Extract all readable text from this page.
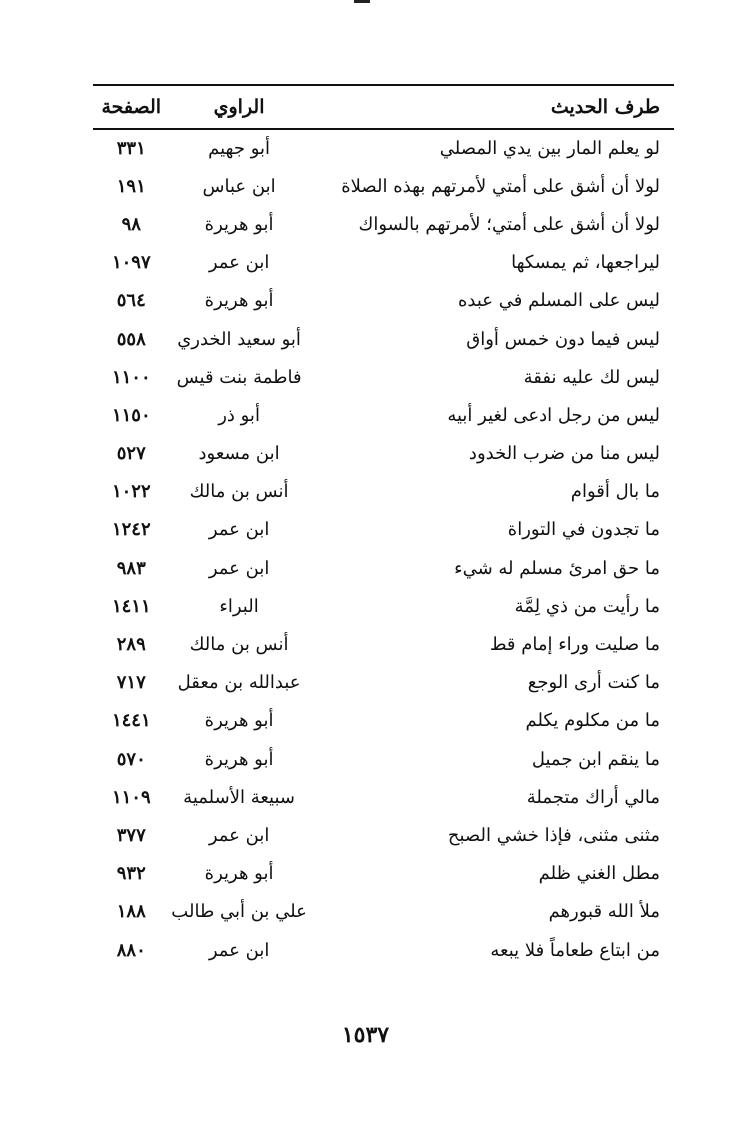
طرف الحديث	الراوي	الصفحة
لو يعلم المار بين يدي المصلي	أبو جهيم	٣٣١
لولا أن أشق على أمتي لأمرتهم بهذه الصلاة	ابن عباس	١٩١
لولا أن أشق على أمتي؛ لأمرتهم بالسواك	أبو هريرة	٩٨
ليراجعها، ثم يمسكها	ابن عمر	١٠٩٧
ليس على المسلم في عبده	أبو هريرة	٥٦٤
ليس فيما دون خمس أواق	أبو سعيد الخدري	٥٥٨
ليس لك عليه نفقة	فاطمة بنت قيس	١١٠٠
ليس من رجل ادعى لغير أبيه	أبو ذر	١١٥٠
ليس منا من ضرب الخدود	ابن مسعود	٥٢٧
ما بال أقوام	أنس بن مالك	١٠٢٢
ما تجدون في التوراة	ابن عمر	١٢٤٢
ما حق امرئ مسلم له شيء	ابن عمر	٩٨٣
ما رأيت من ذي لِمَّة	البراء	١٤١١
ما صليت وراء إمام قط	أنس بن مالك	٢٨٩
ما كنت أرى الوجع	عبدالله بن معقل	٧١٧
ما من مكلوم يكلم	أبو هريرة	١٤٤١
ما ينقم ابن جميل	أبو هريرة	٥٧٠
مالي أراك متجملة	سبيعة الأسلمية	١١٠٩
مثنى مثنى، فإذا خشي الصبح	ابن عمر	٣٧٧
مطل الغني ظلم	أبو هريرة	٩٣٢
ملأ الله قبورهم	علي بن أبي طالب	١٨٨
من ابتاع طعاماً فلا يبعه	ابن عمر	٨٨٠
١٥٣٧
